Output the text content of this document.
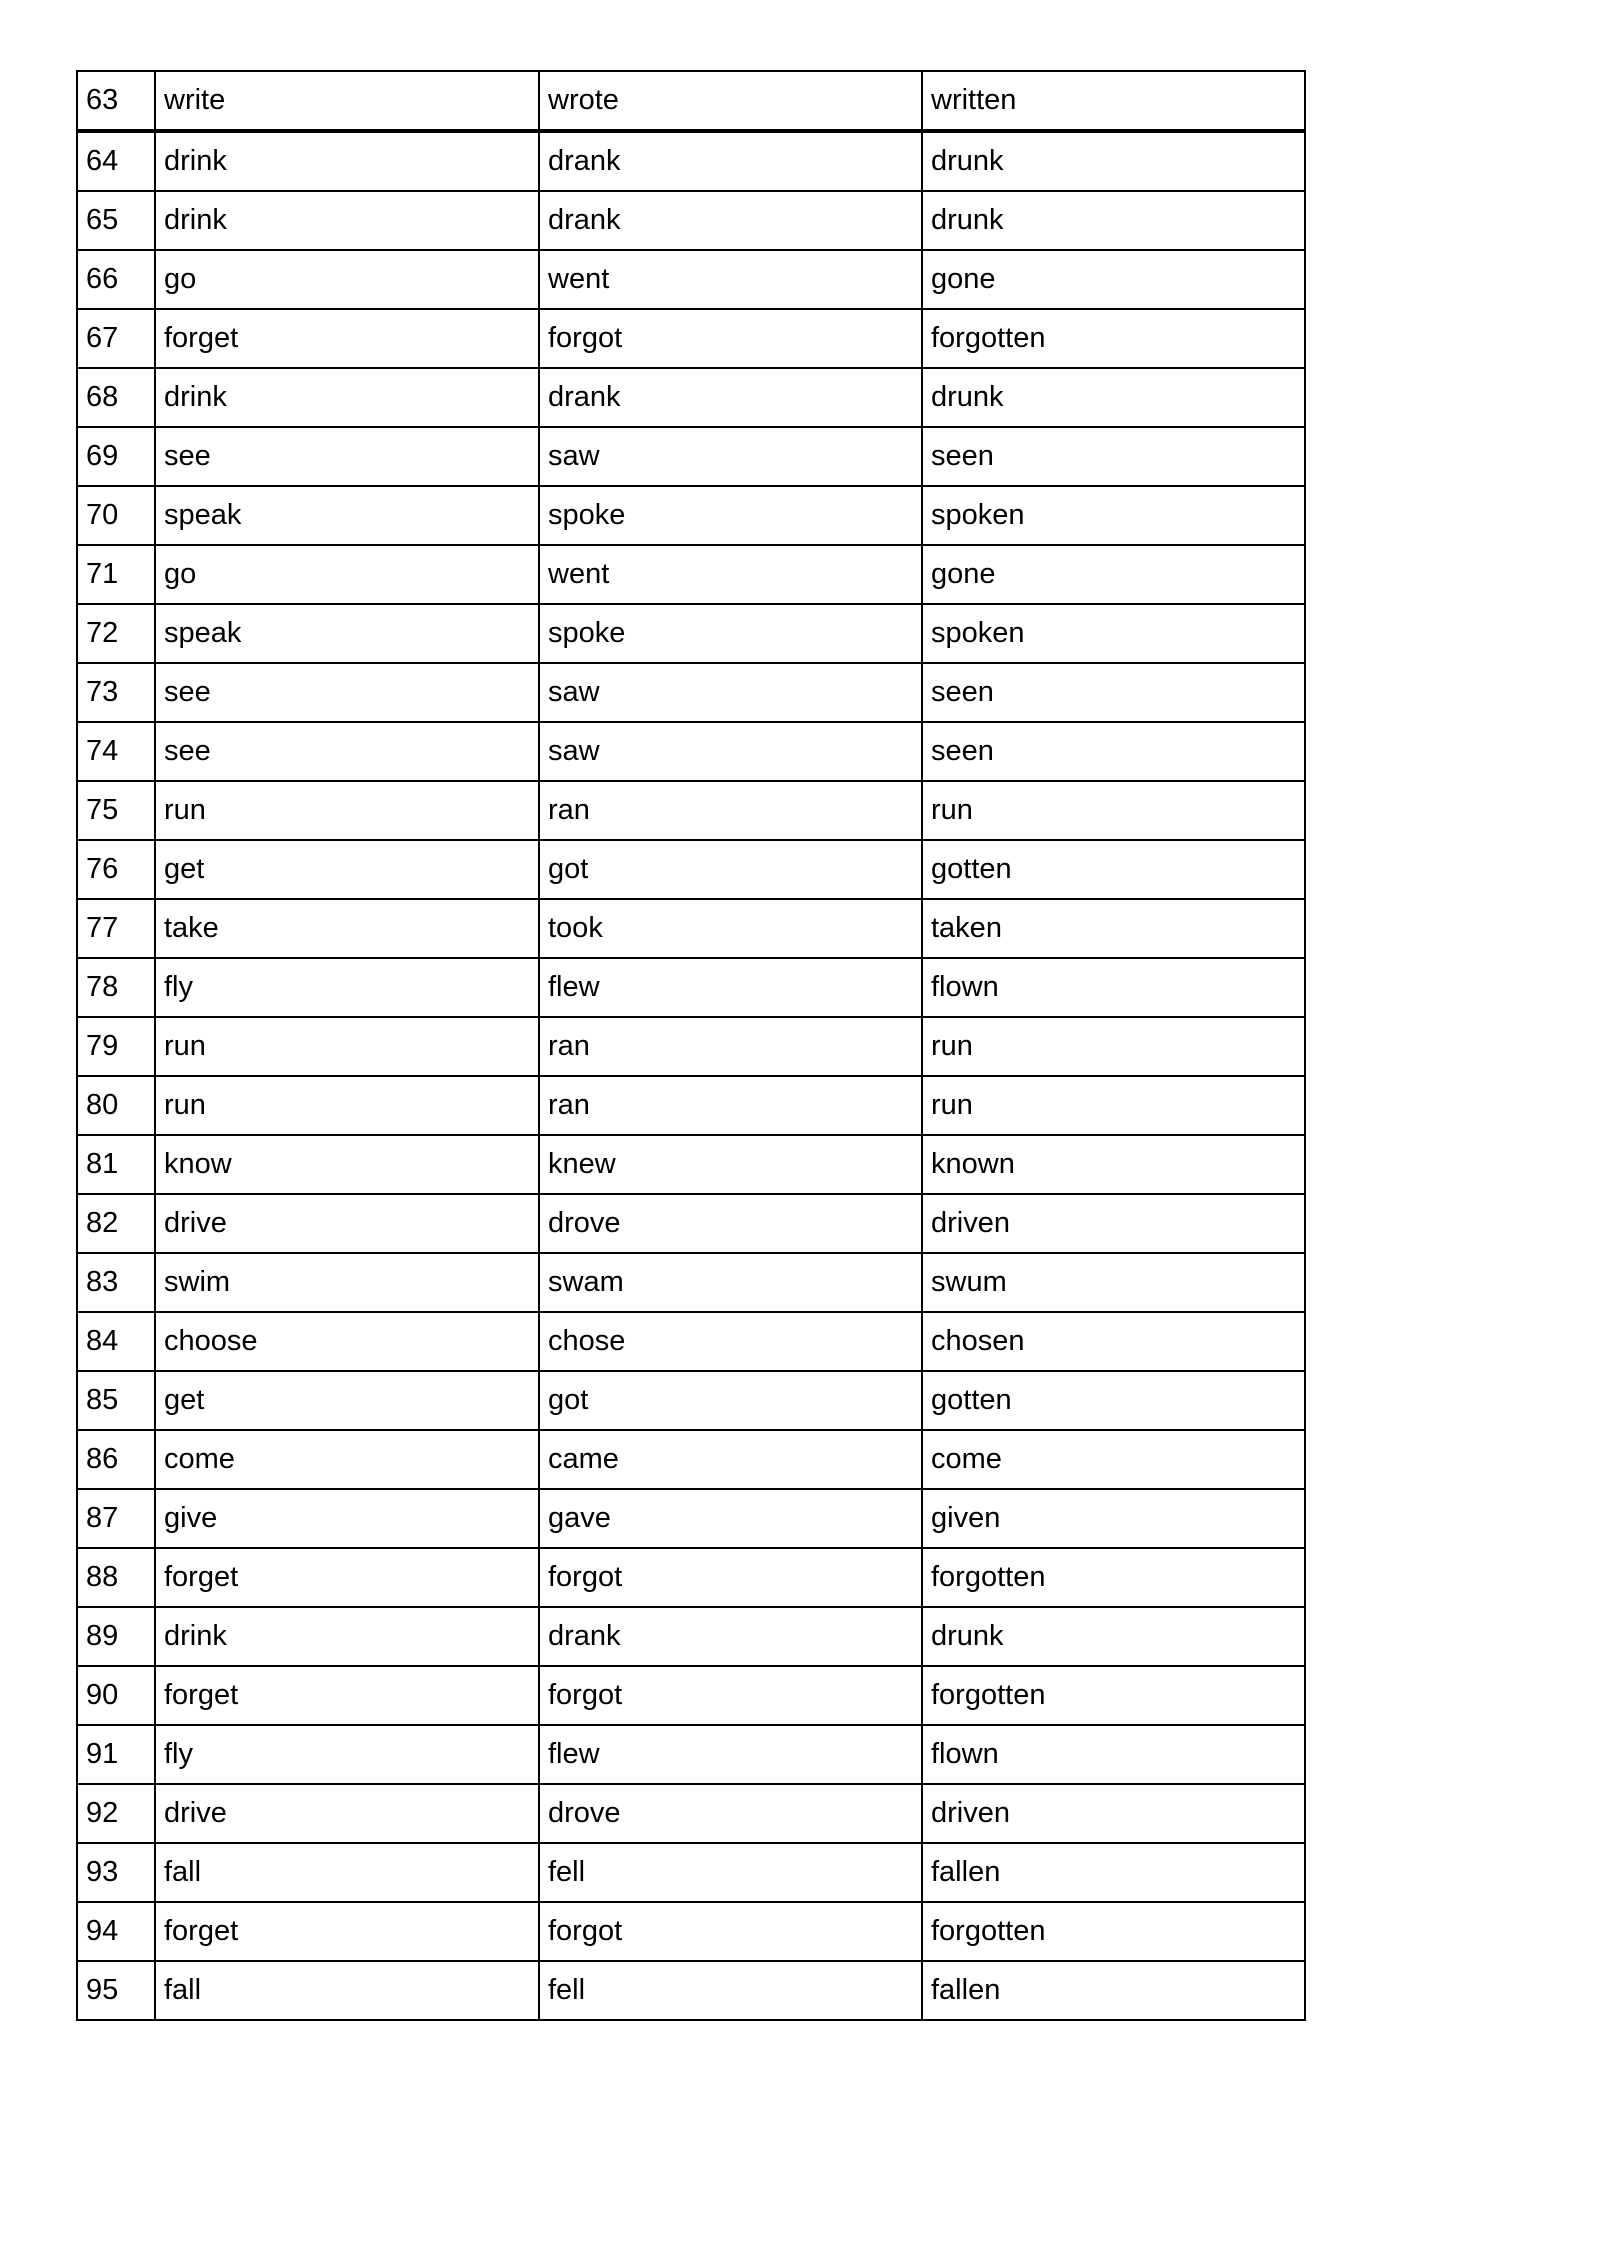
63	write	wrote	written
64	drink	drank	drunk
65	drink	drank	drunk
66	go	went	gone
67	forget	forgot	forgotten
68	drink	drank	drunk
69	see	saw	seen
70	speak	spoke	spoken
71	go	went	gone
72	speak	spoke	spoken
73	see	saw	seen
74	see	saw	seen
75	run	ran	run
76	get	got	gotten
77	take	took	taken
78	fly	flew	flown
79	run	ran	run
80	run	ran	run
81	know	knew	known
82	drive	drove	driven
83	swim	swam	swum
84	choose	chose	chosen
85	get	got	gotten
86	come	came	come
87	give	gave	given
88	forget	forgot	forgotten
89	drink	drank	drunk
90	forget	forgot	forgotten
91	fly	flew	flown
92	drive	drove	driven
93	fall	fell	fallen
94	forget	forgot	forgotten
95	fall	fell	fallen
